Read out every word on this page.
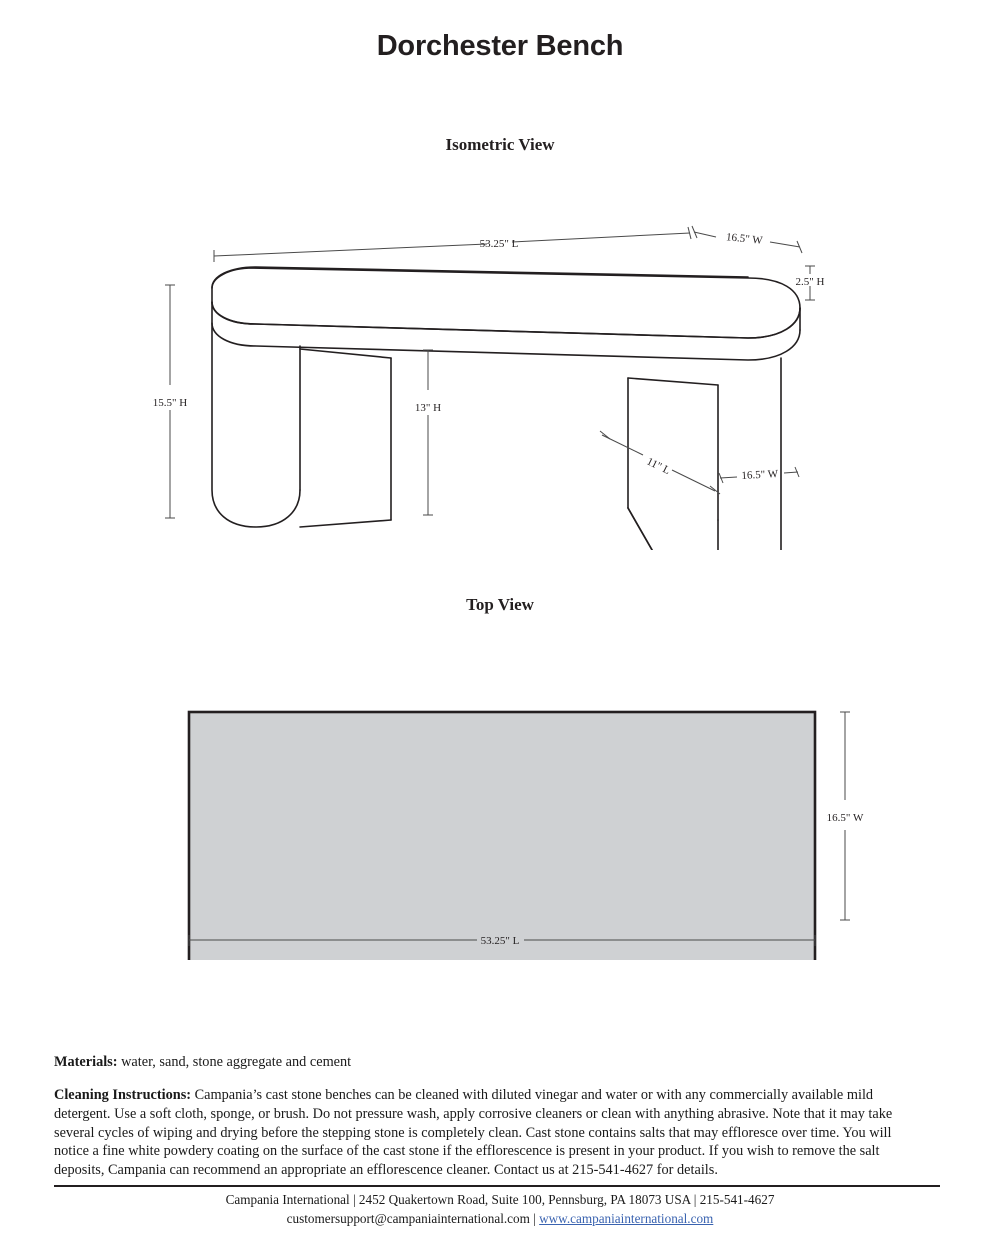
Dorchester Bench
Isometric View
53.25" L	16.5" W
2.5" H
15.5" H	13" H
11" L	16.5" W
Top View
16.5" W
53.25" L

Materials: water, sand, stone aggregate and cement

Cleaning Instructions: Campania’s cast stone benches can be cleaned with diluted vinegar and water or with any commercially available mild detergent. Use a soft cloth, sponge, or brush. Do not pressure wash, apply corrosive cleaners or clean with anything abrasive. Note that it may take several cycles of wiping and drying before the stepping stone is completely clean. Cast stone contains salts that may effloresce over time. You will notice a fine white powdery coating on the surface of the cast stone if the efflorescence is present in your product. If you wish to remove the salt deposits, Campania can recommend an appropriate an efflorescence cleaner. Contact us at 215-541-4627 for details.

Campania International | 2452 Quakertown Road, Suite 100, Pennsburg, PA 18073 USA | 215-541-4627
customersupport@campaniainternational.com | www.campaniainternational.com
